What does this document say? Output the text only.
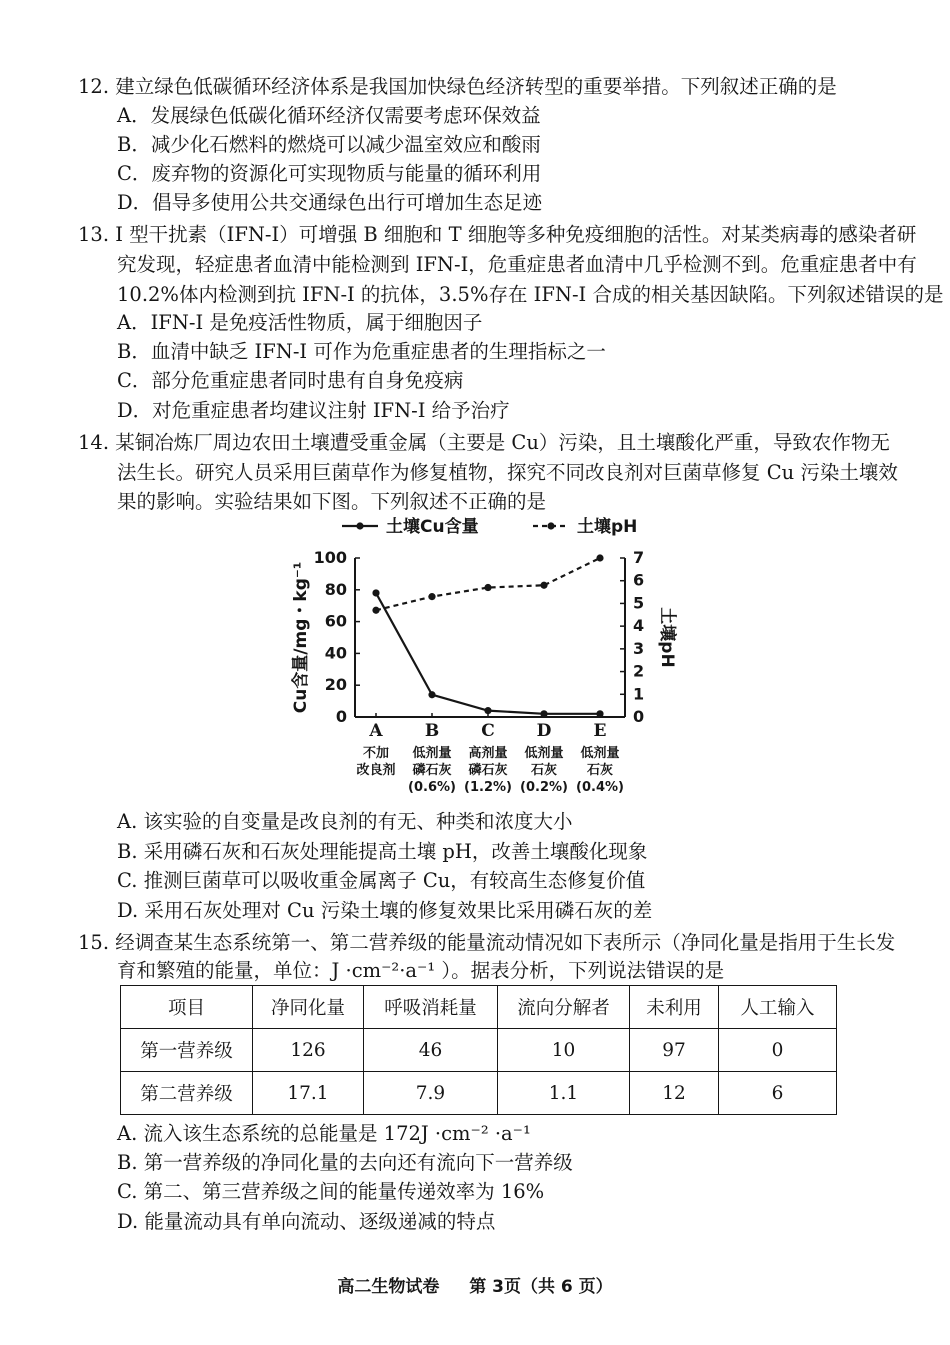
12. 建立绿色低碳循环经济体系是我国加快绿色经济转型的重要举措。下列叙述正确的是
A．发展绿色低碳化循环经济仅需要考虑环保效益
B．减少化石燃料的燃烧可以减少温室效应和酸雨
C．废弃物的资源化可实现物质与能量的循环利用
D．倡导多使用公共交通绿色出行可增加生态足迹
13. I 型干扰素（IFN-I）可增强 B 细胞和 T 细胞等多种免疫细胞的活性。对某类病毒的感染者研
究发现，轻症患者血清中能检测到 IFN-I，危重症患者血清中几乎检测不到。危重症患者中有
10.2%体内检测到抗 IFN-I 的抗体，3.5%存在 IFN-I 合成的相关基因缺陷。下列叙述错误的是
A．IFN-I 是免疫活性物质，属于细胞因子
B．血清中缺乏 IFN-I 可作为危重症患者的生理指标之一
C．部分危重症患者同时患有自身免疫病
D．对危重症患者均建议注射 IFN-I 给予治疗
14. 某铜冶炼厂周边农田土壤遭受重金属（主要是 Cu）污染，且土壤酸化严重，导致农作物无
法生长。研究人员采用巨菌草作为修复植物，探究不同改良剂对巨菌草修复 Cu 污染土壤效
果的影响。实验结果如下图。下列叙述不正确的是
土壤Cu含量	土壤pH
0
20
40
60
80
100
0
1
2
3
4
5
6
7
Cu含量/mg・kg⁻¹	土壤pH
A
不加
改良剂
B
低剂量
磷石灰
(0.6%)
C
高剂量
磷石灰
(1.2%)
D
低剂量
石灰
(0.2%)
E
低剂量
石灰
(0.4%)
A. 该实验的自变量是改良剂的有无、种类和浓度大小
B. 采用磷石灰和石灰处理能提高土壤 pH，改善土壤酸化现象
C. 推测巨菌草可以吸收重金属离子 Cu，有较高生态修复价值
D. 采用石灰处理对 Cu 污染土壤的修复效果比采用磷石灰的差
15. 经调查某生态系统第一、第二营养级的能量流动情况如下表所示（净同化量是指用于生长发
育和繁殖的能量，单位：J ·cm⁻²·a⁻¹ ）。据表分析，下列说法错误的是
项目	净同化量	呼吸消耗量	流向分解者	未利用	人工输入
第一营养级	126	46	10	97	0
第二营养级	17.1	7.9	1.1	12	6
A. 流入该生态系统的总能量是 172J ·cm⁻² ·a⁻¹
B. 第一营养级的净同化量的去向还有流向下一营养级
C. 第二、第三营养级之间的能量传递效率为 16%
D. 能量流动具有单向流动、逐级递减的特点
高二生物试卷 第 3页（共 6 页）
